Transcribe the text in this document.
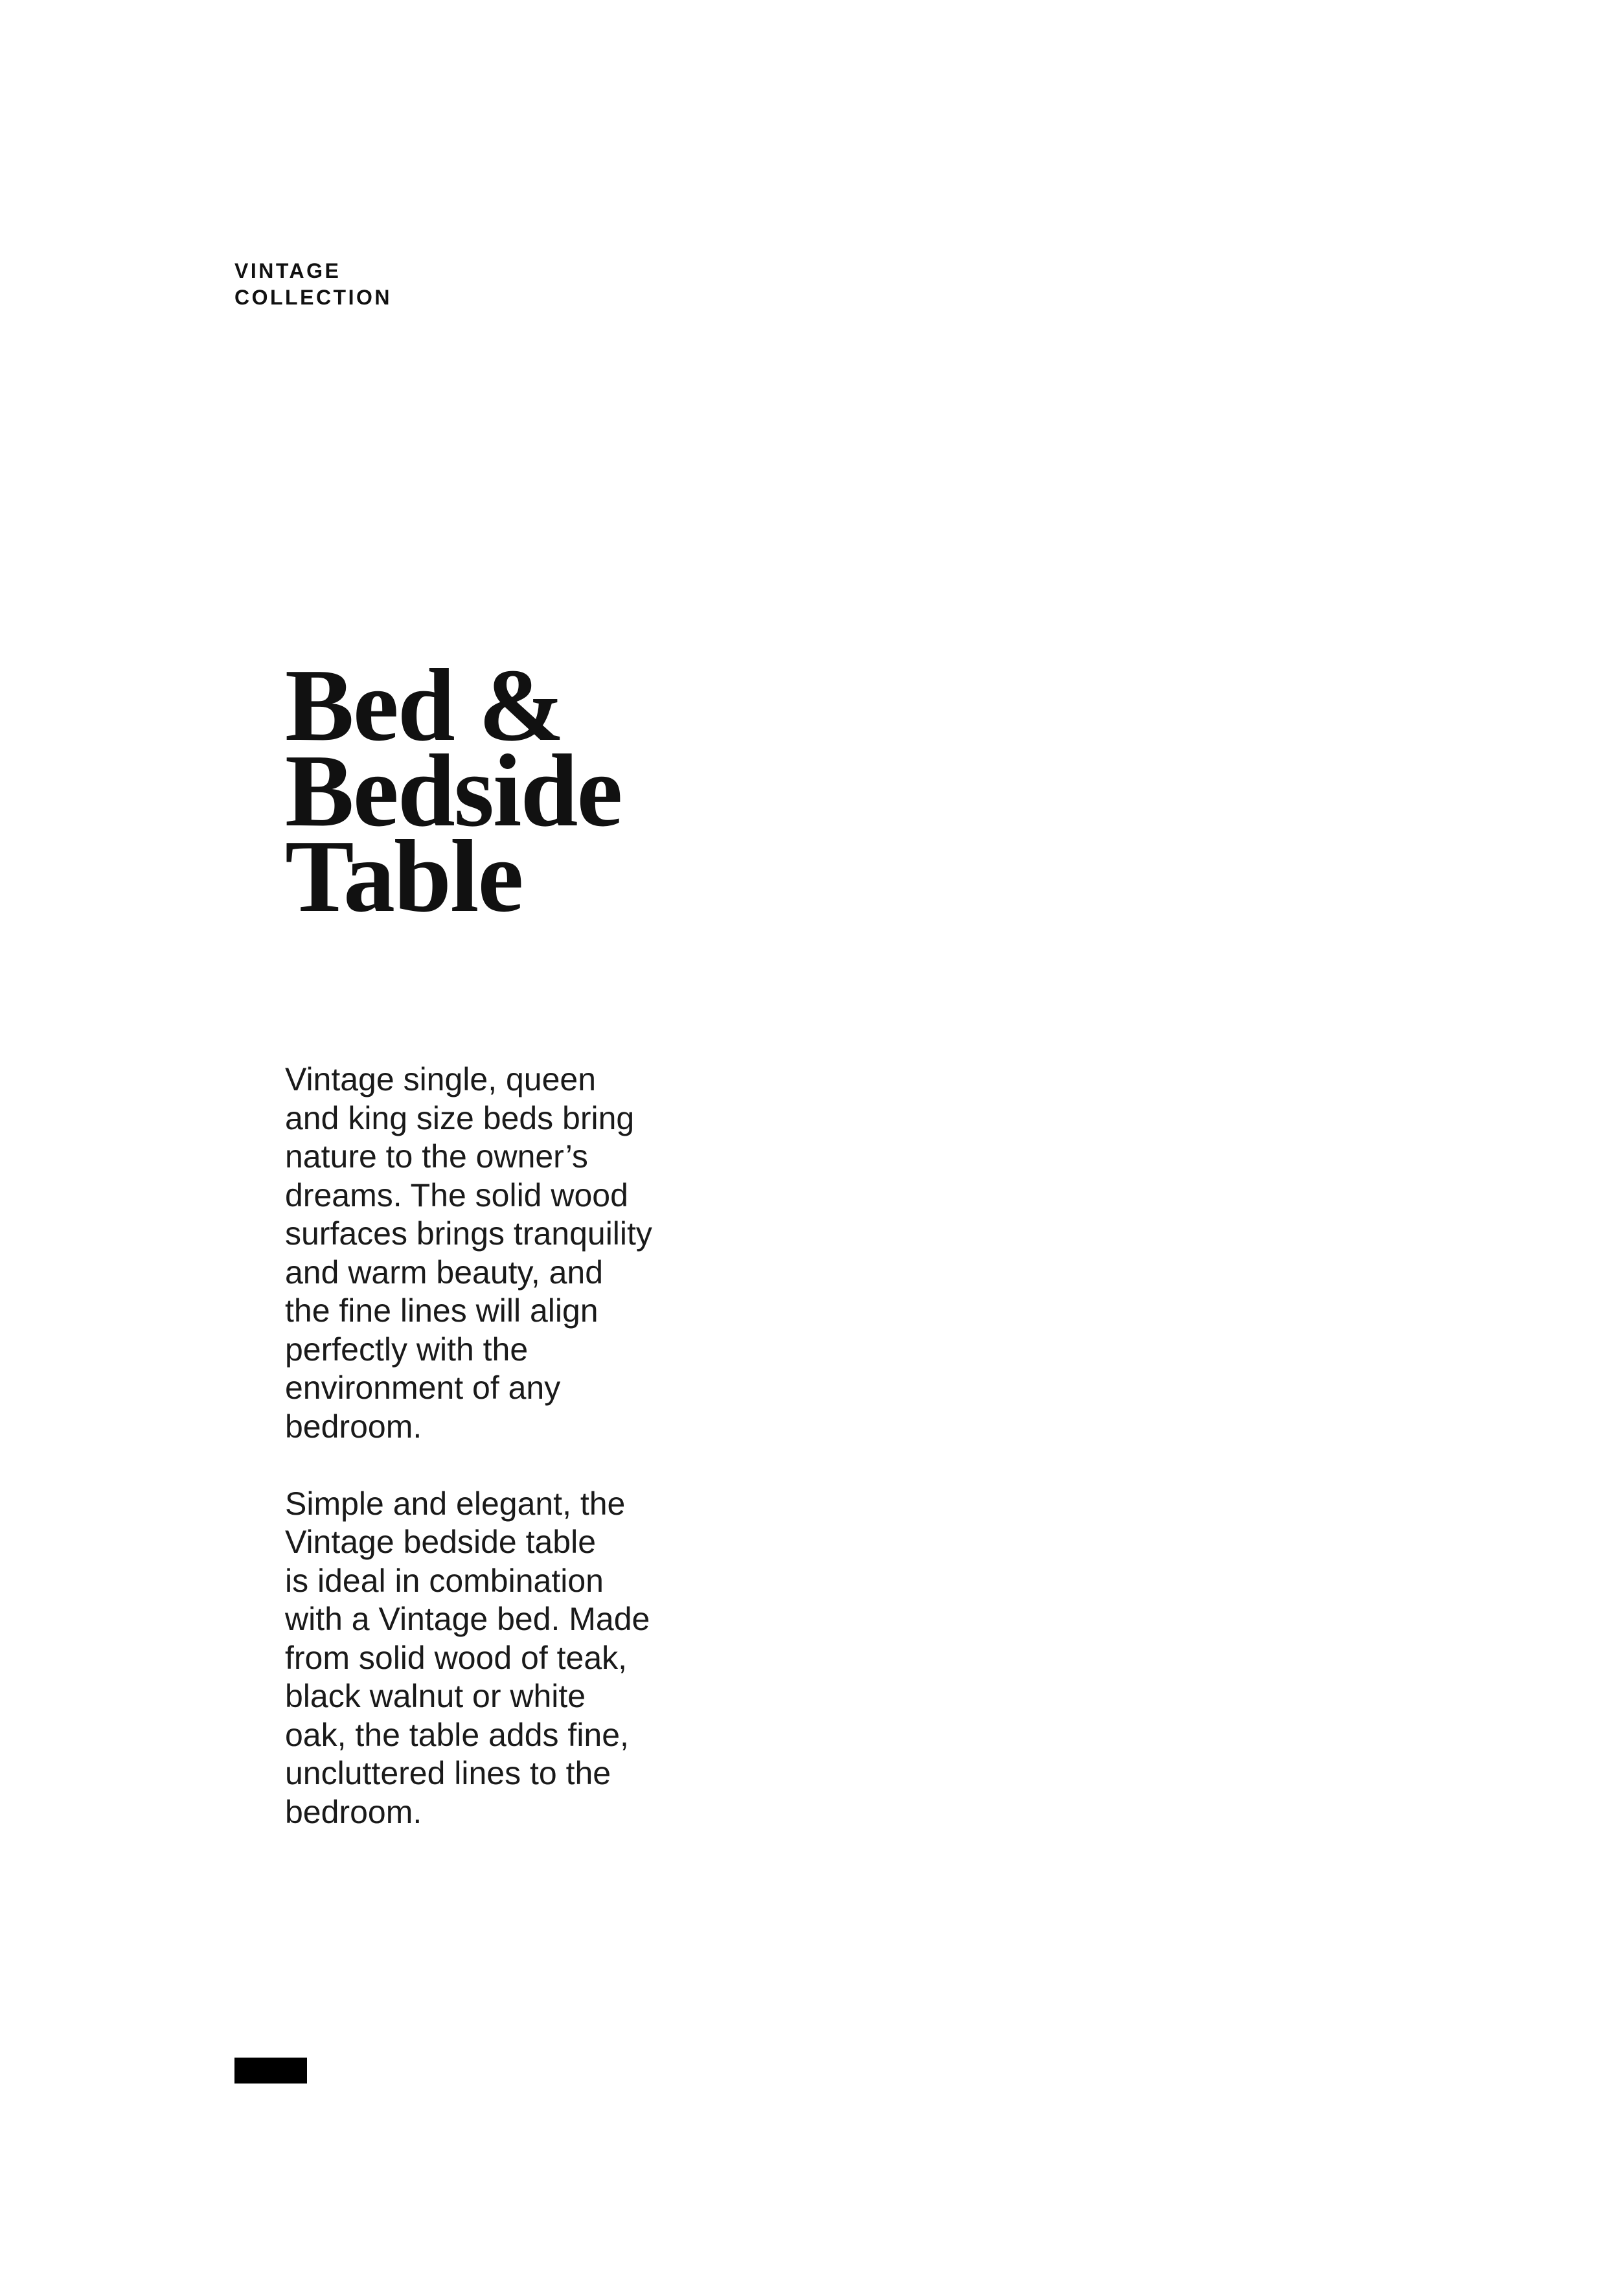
VINTAGE
COLLECTION
Bed &
Bedside
Table

Vintage single, queen
and king size beds bring
nature to the owner’s
dreams. The solid wood
surfaces brings tranquility
and warm beauty, and
the fine lines will align
perfectly with the
environment of any
bedroom.

Simple and elegant, the
Vintage bedside table
is ideal in combination
with a Vintage bed. Made
from solid wood of teak,
black walnut or white
oak, the table adds fine,
uncluttered lines to the
bedroom.
